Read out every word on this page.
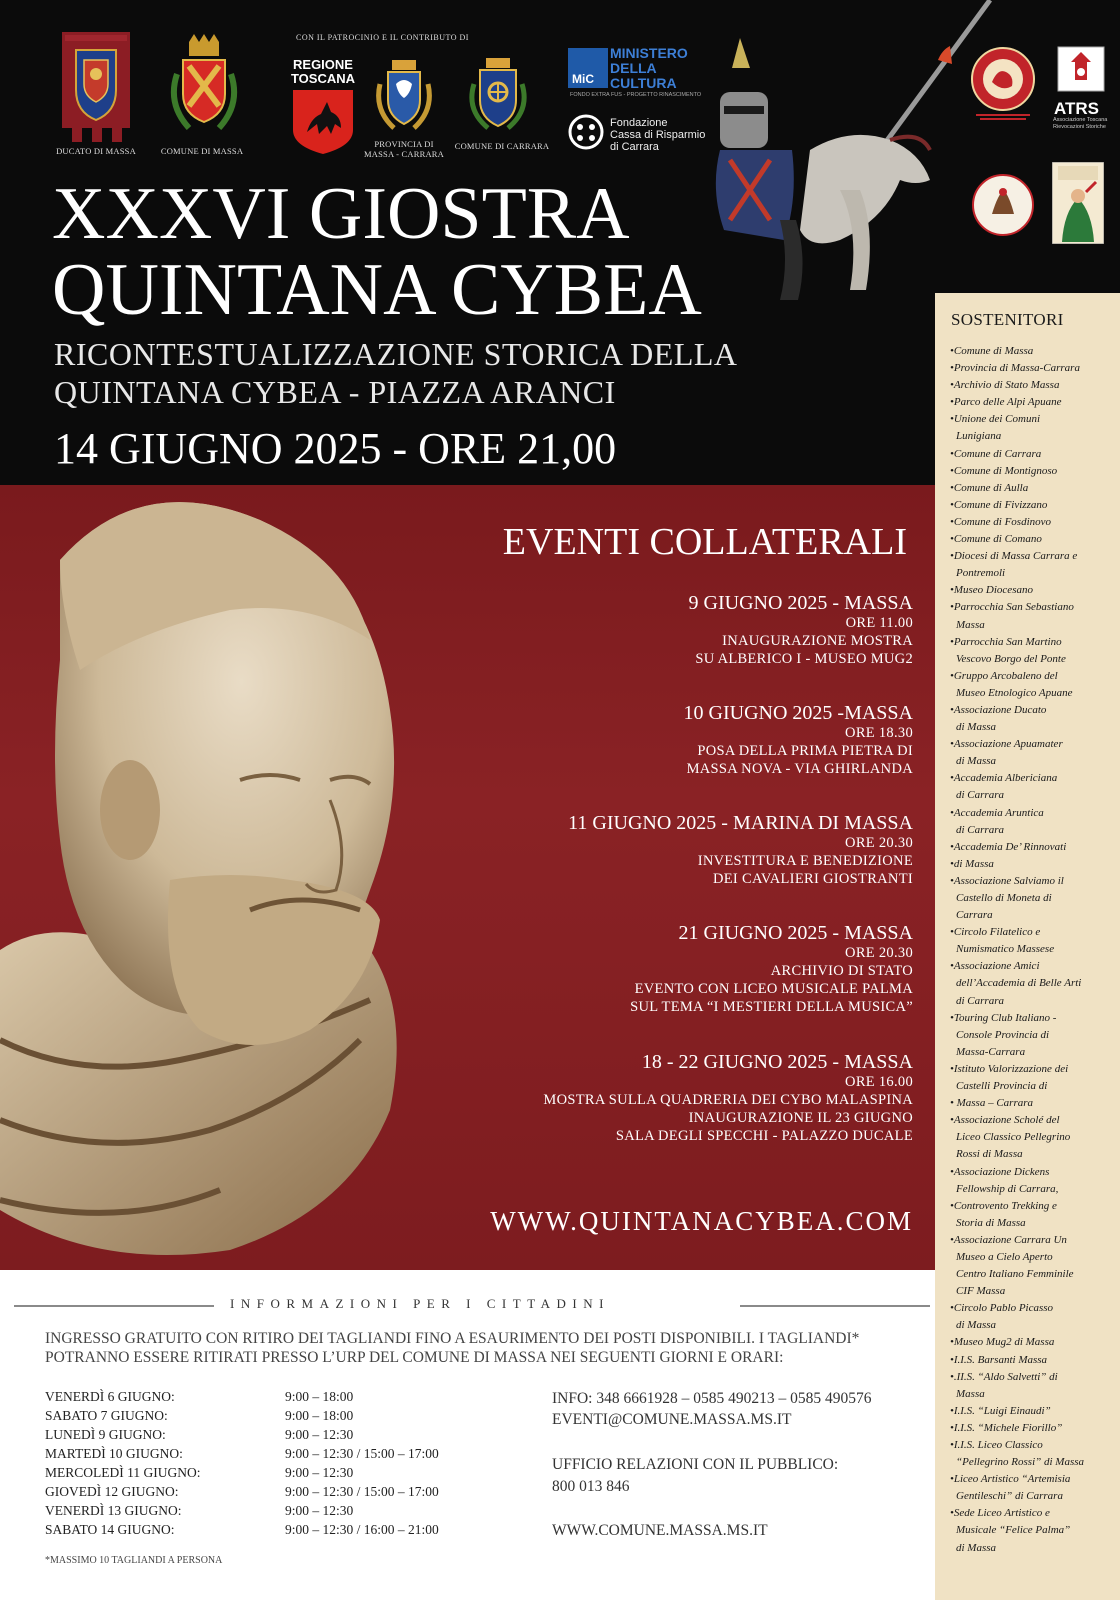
DUCATO DI MASSA	COMUNE DI MASSA
CON IL PATROCINIO E IL CONTRIBUTO DI
REGIONE
TOSCANA
PROVINCIA DI
MASSA - CARRARA
COMUNE DI CARRARA
MiC
MINISTERO
DELLA
CULTURA
FONDO EXTRA FUS - PROGETTO RINASCIMENTO
Fondazione
Cassa di Risparmio
di Carrara
ATRS
Associazione Toscana
Rievocazioni Storiche
XXXVI GIOSTRA
QUINTANA CYBEA
RICONTESTUALIZZAZIONE STORICA DELLA
QUINTANA CYBEA - PIAZZA ARANCI
14 GIUGNO 2025 - ORE 21,00
EVENTI COLLATERALI
9 GIUGNO 2025 - MASSA
ORE 11.00
INAUGURAZIONE MOSTRA
SU ALBERICO I - MUSEO MUG2
10 GIUGNO 2025 -MASSA
ORE 18.30
POSA DELLA PRIMA PIETRA DI
MASSA NOVA - VIA GHIRLANDA
11 GIUGNO 2025 - MARINA DI MASSA
ORE 20.30
INVESTITURA E BENEDIZIONE
DEI CAVALIERI GIOSTRANTI
21 GIUGNO 2025 - MASSA
ORE 20.30
ARCHIVIO DI STATO
EVENTO CON LICEO MUSICALE PALMA
SUL TEMA “I MESTIERI DELLA MUSICA”
18 - 22 GIUGNO 2025 - MASSA
ORE 16.00
MOSTRA SULLA QUADRERIA DEI CYBO MALASPINA
INAUGURAZIONE IL 23 GIUGNO
SALA DEGLI SPECCHI - PALAZZO DUCALE
WWW.QUINTANACYBEA.COM
INFORMAZIONI PER I CITTADINI
INGRESSO GRATUITO CON RITIRO DEI TAGLIANDI FINO A ESAURIMENTO DEI POSTI DISPONIBILI. I TAGLIANDI*
POTRANNO ESSERE RITIRATI PRESSO L’URP DEL COMUNE DI MASSA NEI SEGUENTI GIORNI E ORARI:
VENERDÌ 6 GIUGNO:	9:00 – 18:00
SABATO 7 GIUGNO:	9:00 – 18:00
LUNEDÌ 9 GIUGNO:	9:00 – 12:30
MARTEDÌ 10 GIUGNO:	9:00 – 12:30 / 15:00 – 17:00
MERCOLEDÌ 11 GIUGNO:	9:00 – 12:30
GIOVEDÌ 12 GIUGNO:	9:00 – 12:30 / 15:00 – 17:00
VENERDÌ 13 GIUGNO:	9:00 – 12:30
SABATO 14 GIUGNO:	9:00 – 12:30 / 16:00 – 21:00
INFO: 348 6661928 – 0585 490213 – 0585 490576
EVENTI@COMUNE.MASSA.MS.IT
UFFICIO RELAZIONI CON IL PUBBLICO:
800 013 846
WWW.COMUNE.MASSA.MS.IT
*MASSIMO 10 TAGLIANDI A PERSONA
SOSTENITORI
•Comune di Massa
•Provincia di Massa-Carrara
•Archivio di Stato Massa
•Parco delle Alpi Apuane
•Unione dei Comuni
Lunigiana
•Comune di Carrara
•Comune di Montignoso
•Comune di Aulla
•Comune di Fivizzano
•Comune di Fosdinovo
•Comune di Comano
•Diocesi di Massa Carrara e
Pontremoli
•Museo Diocesano
•Parrocchia San Sebastiano
Massa
•Parrocchia San Martino
Vescovo Borgo del Ponte
•Gruppo Arcobaleno del
Museo Etnologico Apuane
•Associazione Ducato
di Massa
•Associazione Apuamater
di Massa
•Accademia Albericiana
di Carrara
•Accademia Aruntica
di Carrara
•Accademia De’ Rinnovati
•di Massa
•Associazione Salviamo il
Castello di Moneta di
Carrara
•Circolo Filatelico e
Numismatico Massese
•Associazione Amici
dell’Accademia di Belle Arti
di Carrara
•Touring Club Italiano -
Console Provincia di
Massa-Carrara
•Istituto Valorizzazione dei
Castelli Provincia di
• Massa – Carrara
•Associazione Scholé del
Liceo Classico Pellegrino
Rossi di Massa
•Associazione Dickens
Fellowship di Carrara,
•Controvento Trekking e
Storia di Massa
•Associazione Carrara Un
Museo a Cielo Aperto
Centro Italiano Femminile
CIF Massa
•Circolo Pablo Picasso
di Massa
•Museo Mug2 di Massa
•I.I.S. Barsanti Massa
•.II.S. “Aldo Salvetti” di
Massa
•I.I.S. “Luigi Einaudi”
•I.I.S. “Michele Fiorillo”
•I.I.S. Liceo Classico
“Pellegrino Rossi” di Massa
•Liceo Artistico “Artemisia
Gentileschi” di Carrara
•Sede Liceo Artistico e
Musicale “Felice Palma”
di Massa
